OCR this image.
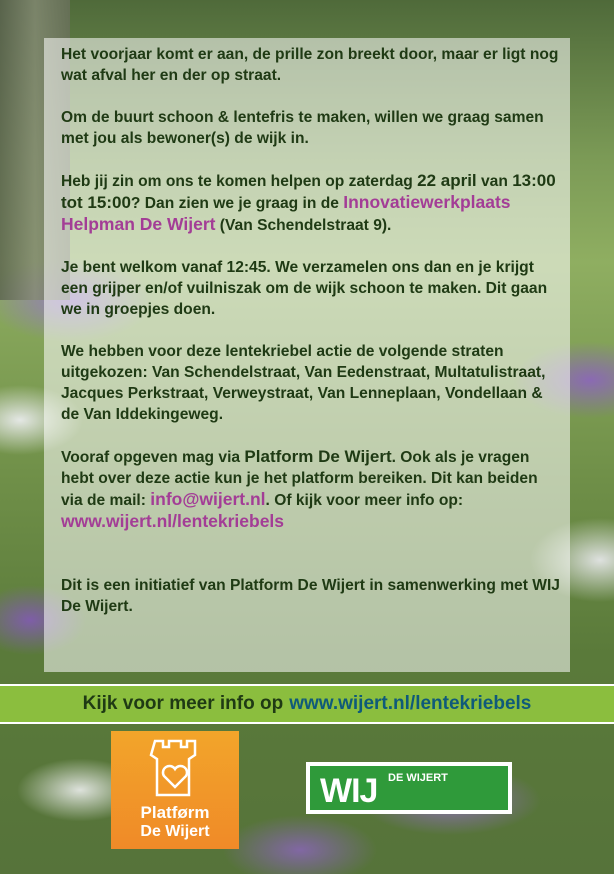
Het voorjaar komt er aan, de prille zon breekt door, maar er ligt nog wat afval her en der op straat.

Om de buurt schoon & lentefris te maken, willen we graag samen met jou als bewoner(s) de wijk in.

Heb jij zin om ons te komen helpen op zaterdag 22 april van 13:00 tot 15:00? Dan zien we je graag in de Innovatiewerkplaats Helpman De Wijert (Van Schendelstraat 9).

Je bent welkom vanaf 12:45. We verzamelen ons dan en je krijgt een grijper en/of vuilniszak om de wijk schoon te maken. Dit gaan we in groepjes doen.

We hebben voor deze lentekriebel actie de volgende straten uitgekozen: Van Schendelstraat, Van Eedenstraat, Multatulistraat, Jacques Perkstraat, Verweystraat, Van Lenneplaan, Vondellaan & de Van Iddekingeweg.

Vooraf opgeven mag via Platform De Wijert. Ook als je vragen hebt over deze actie kun je het platform bereiken. Dit kan beiden via de mail: info@wijert.nl. Of kijk voor meer info op: www.wijert.nl/lentekriebels

Dit is een initiatief van Platform De Wijert in samenwerking met WIJ De Wijert.

Kijk voor meer info op www.wijert.nl/lentekriebels
Platførm
De Wijert
WIJ DE WIJERT
